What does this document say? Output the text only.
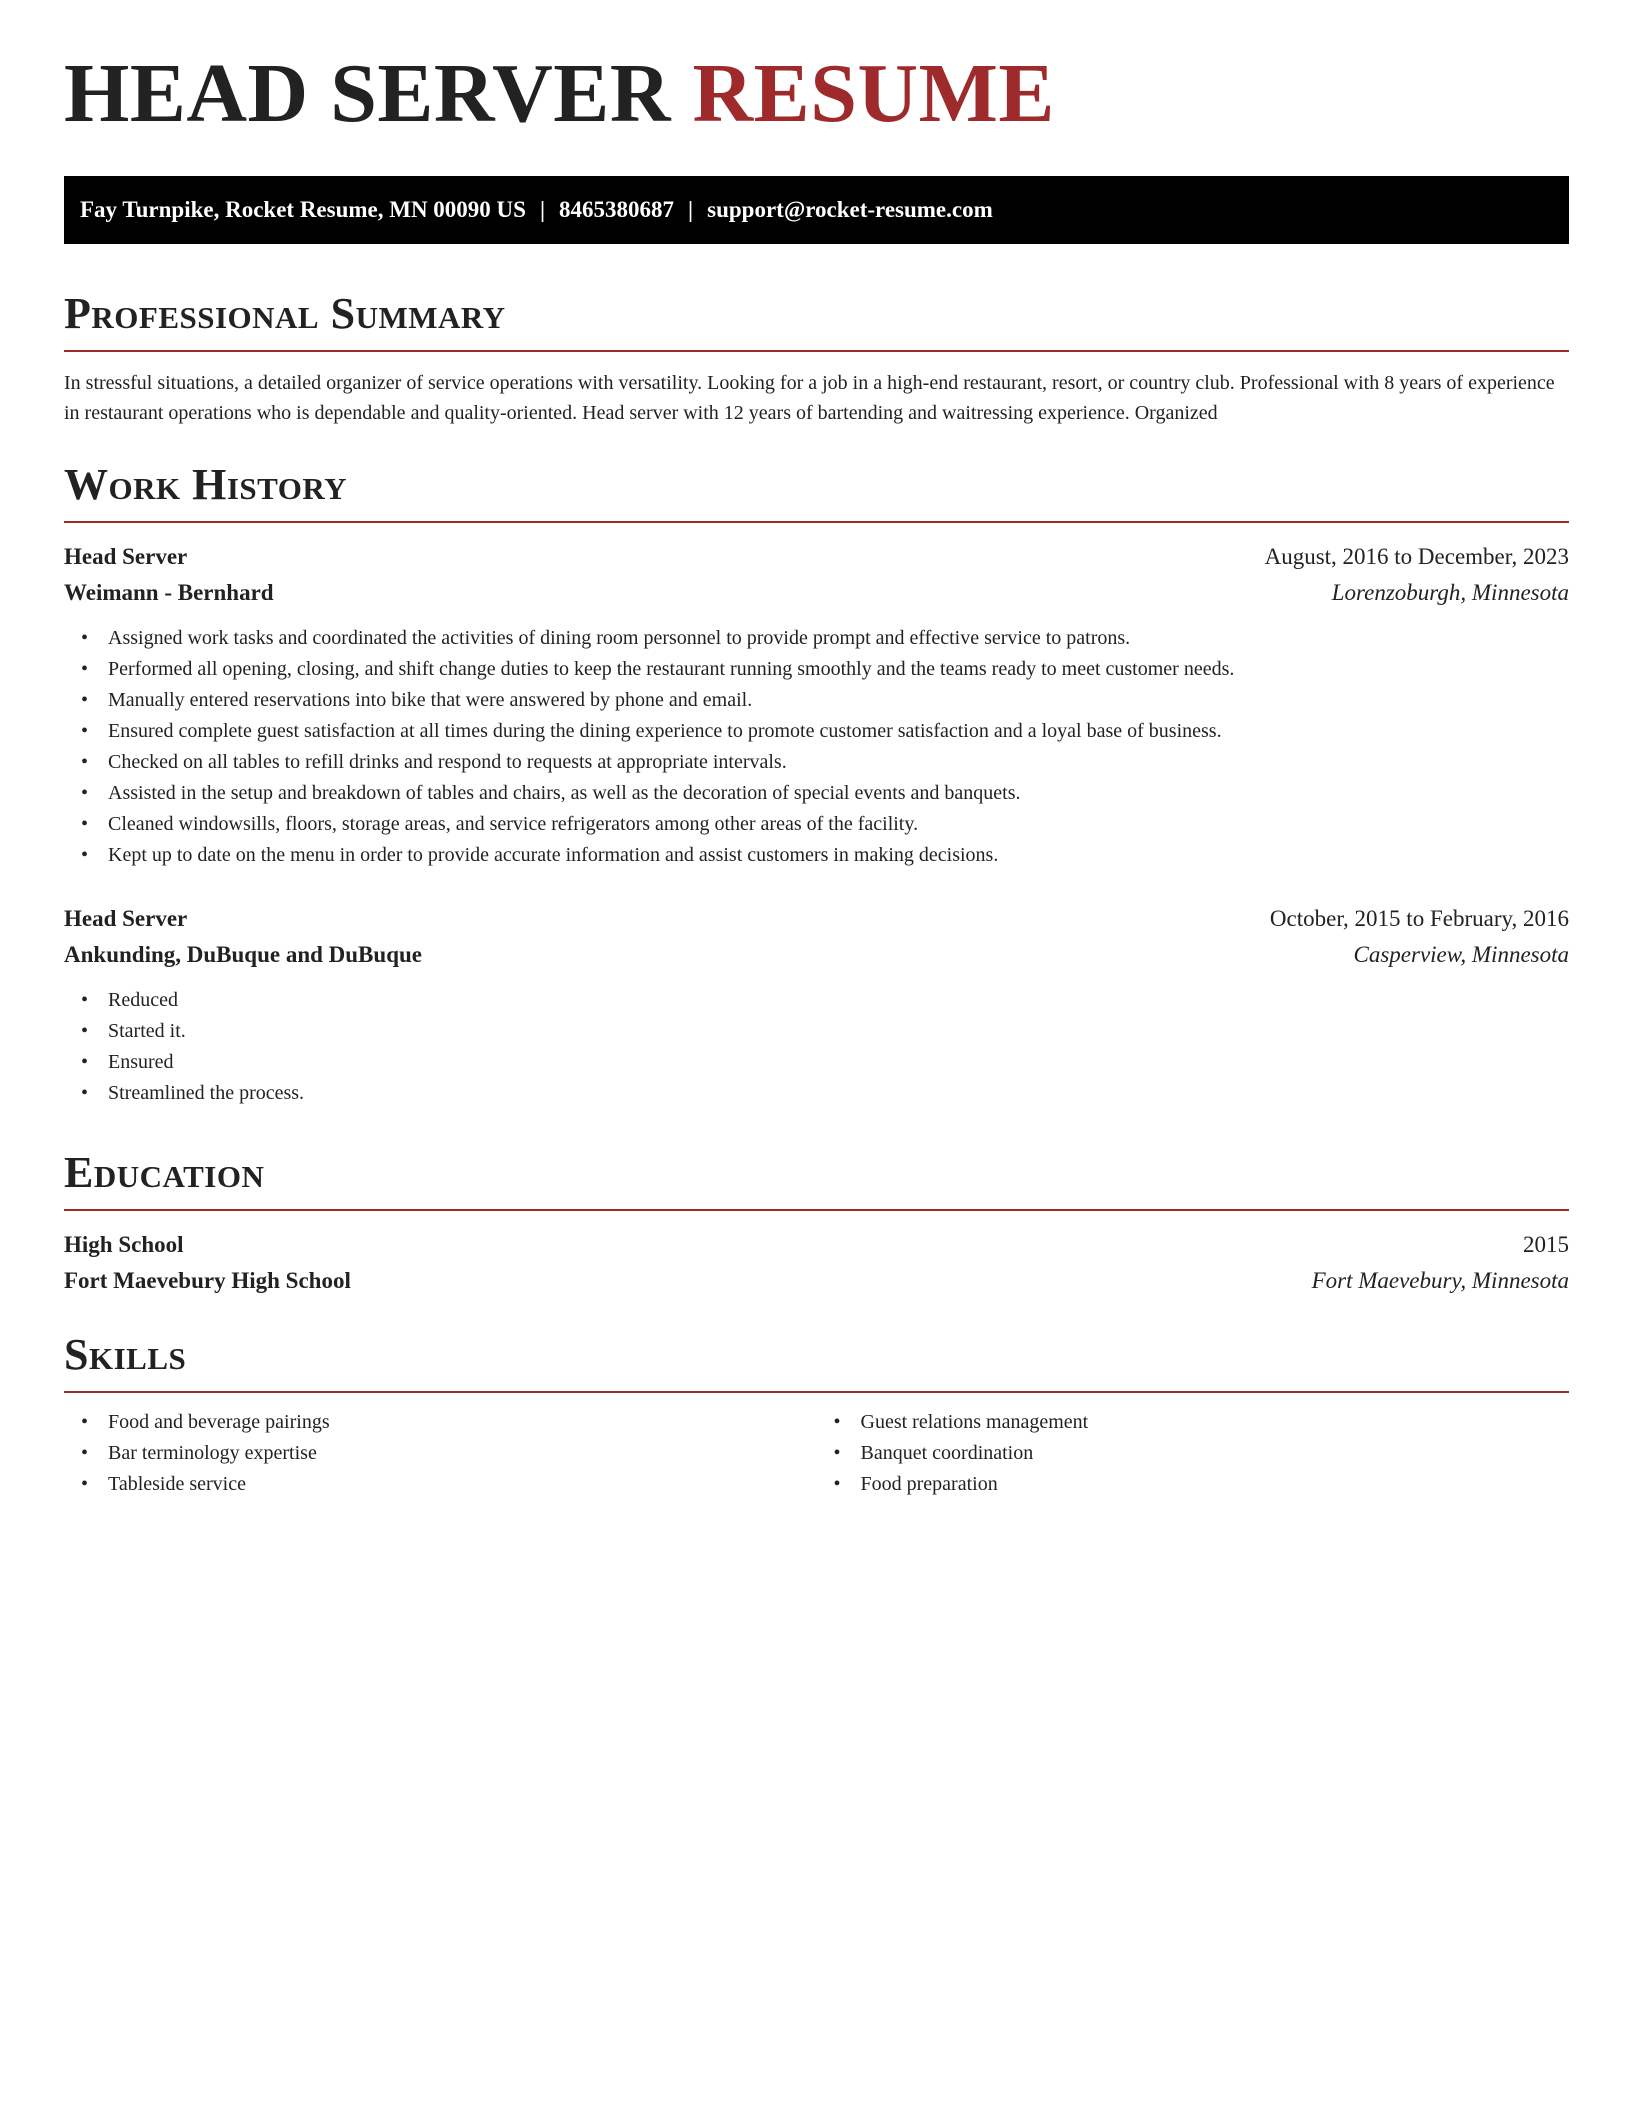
HEAD SERVER RESUME
Fay Turnpike, Rocket Resume, MN 00090 US | 8465380687 | support@rocket-resume.com
Professional Summary

In stressful situations, a detailed organizer of service operations with versatility. Looking for a job in a high-end restaurant, resort, or country club. Professional with 8 years of experience in restaurant operations who is dependable and quality-oriented. Head server with 12 years of bartending and waitressing experience. Organized

Work History
Head Server	August, 2016 to December, 2023
Weimann - Bernhard	Lorenzoburgh, Minnesota
• Assigned work tasks and coordinated the activities of dining room personnel to provide prompt and effective service to patrons.
• Performed all opening, closing, and shift change duties to keep the restaurant running smoothly and the teams ready to meet customer needs.
• Manually entered reservations into bike that were answered by phone and email.
• Ensured complete guest satisfaction at all times during the dining experience to promote customer satisfaction and a loyal base of business.
• Checked on all tables to refill drinks and respond to requests at appropriate intervals.
• Assisted in the setup and breakdown of tables and chairs, as well as the decoration of special events and banquets.
• Cleaned windowsills, floors, storage areas, and service refrigerators among other areas of the facility.
• Kept up to date on the menu in order to provide accurate information and assist customers in making decisions.
Head Server	October, 2015 to February, 2016
Ankunding, DuBuque and DuBuque	Casperview, Minnesota
• Reduced
• Started it.
• Ensured
• Streamlined the process.
Education
High School	2015
Fort Maevebury High School	Fort Maevebury, Minnesota
Skills
• Food and beverage pairings
• Bar terminology expertise
• Tableside service
• Guest relations management
• Banquet coordination
• Food preparation
